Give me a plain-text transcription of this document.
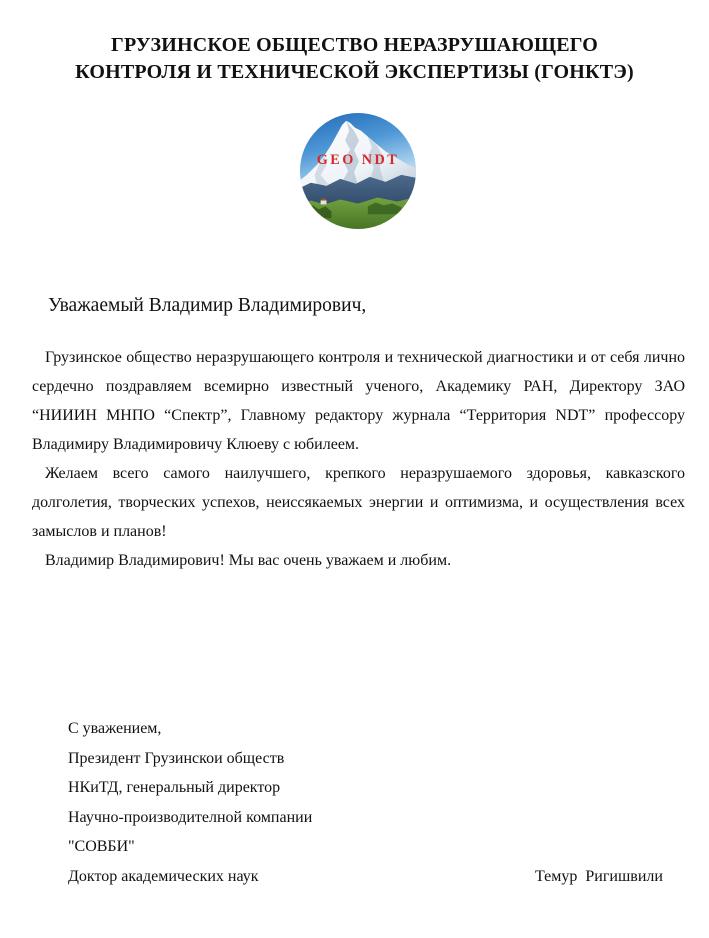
ГРУЗИНСКОЕ ОБЩЕСТВО НЕРАЗРУШАЮЩЕГО
КОНТРОЛЯ И ТЕХНИЧЕСКОЙ ЭКСПЕРТИЗЫ (ГОНКТЭ)
GEO NDT
Уважаемый Владимир Владимирович,
Грузинское общество неразрушающего контроля и технической диагностики и от себя лично
сердечно поздравляем всемирно известный ученого, Академику РАН, Директору ЗАО
“НИИИН МНПО “Спектр”, Главному редактору журнала “Территория NDT” профессору
Владимиру Владимировичу Клюеву с юбилеем.
Желаем всего самого наилучшего, крепкого неразрушаемого здоровья, кавказского
долголетия, творческих успехов, неиссякаемых энергии и оптимизма, и осуществления всех
замыслов и планов!
Владимир Владимирович! Мы вас очень уважаем и любим.
С уважением,
Президент Грузинскои обществ
НКиТД, генеральный директор
Научно-производителной компании
"СОВБИ"
Доктор академических наук	Темур  Ригишвили
